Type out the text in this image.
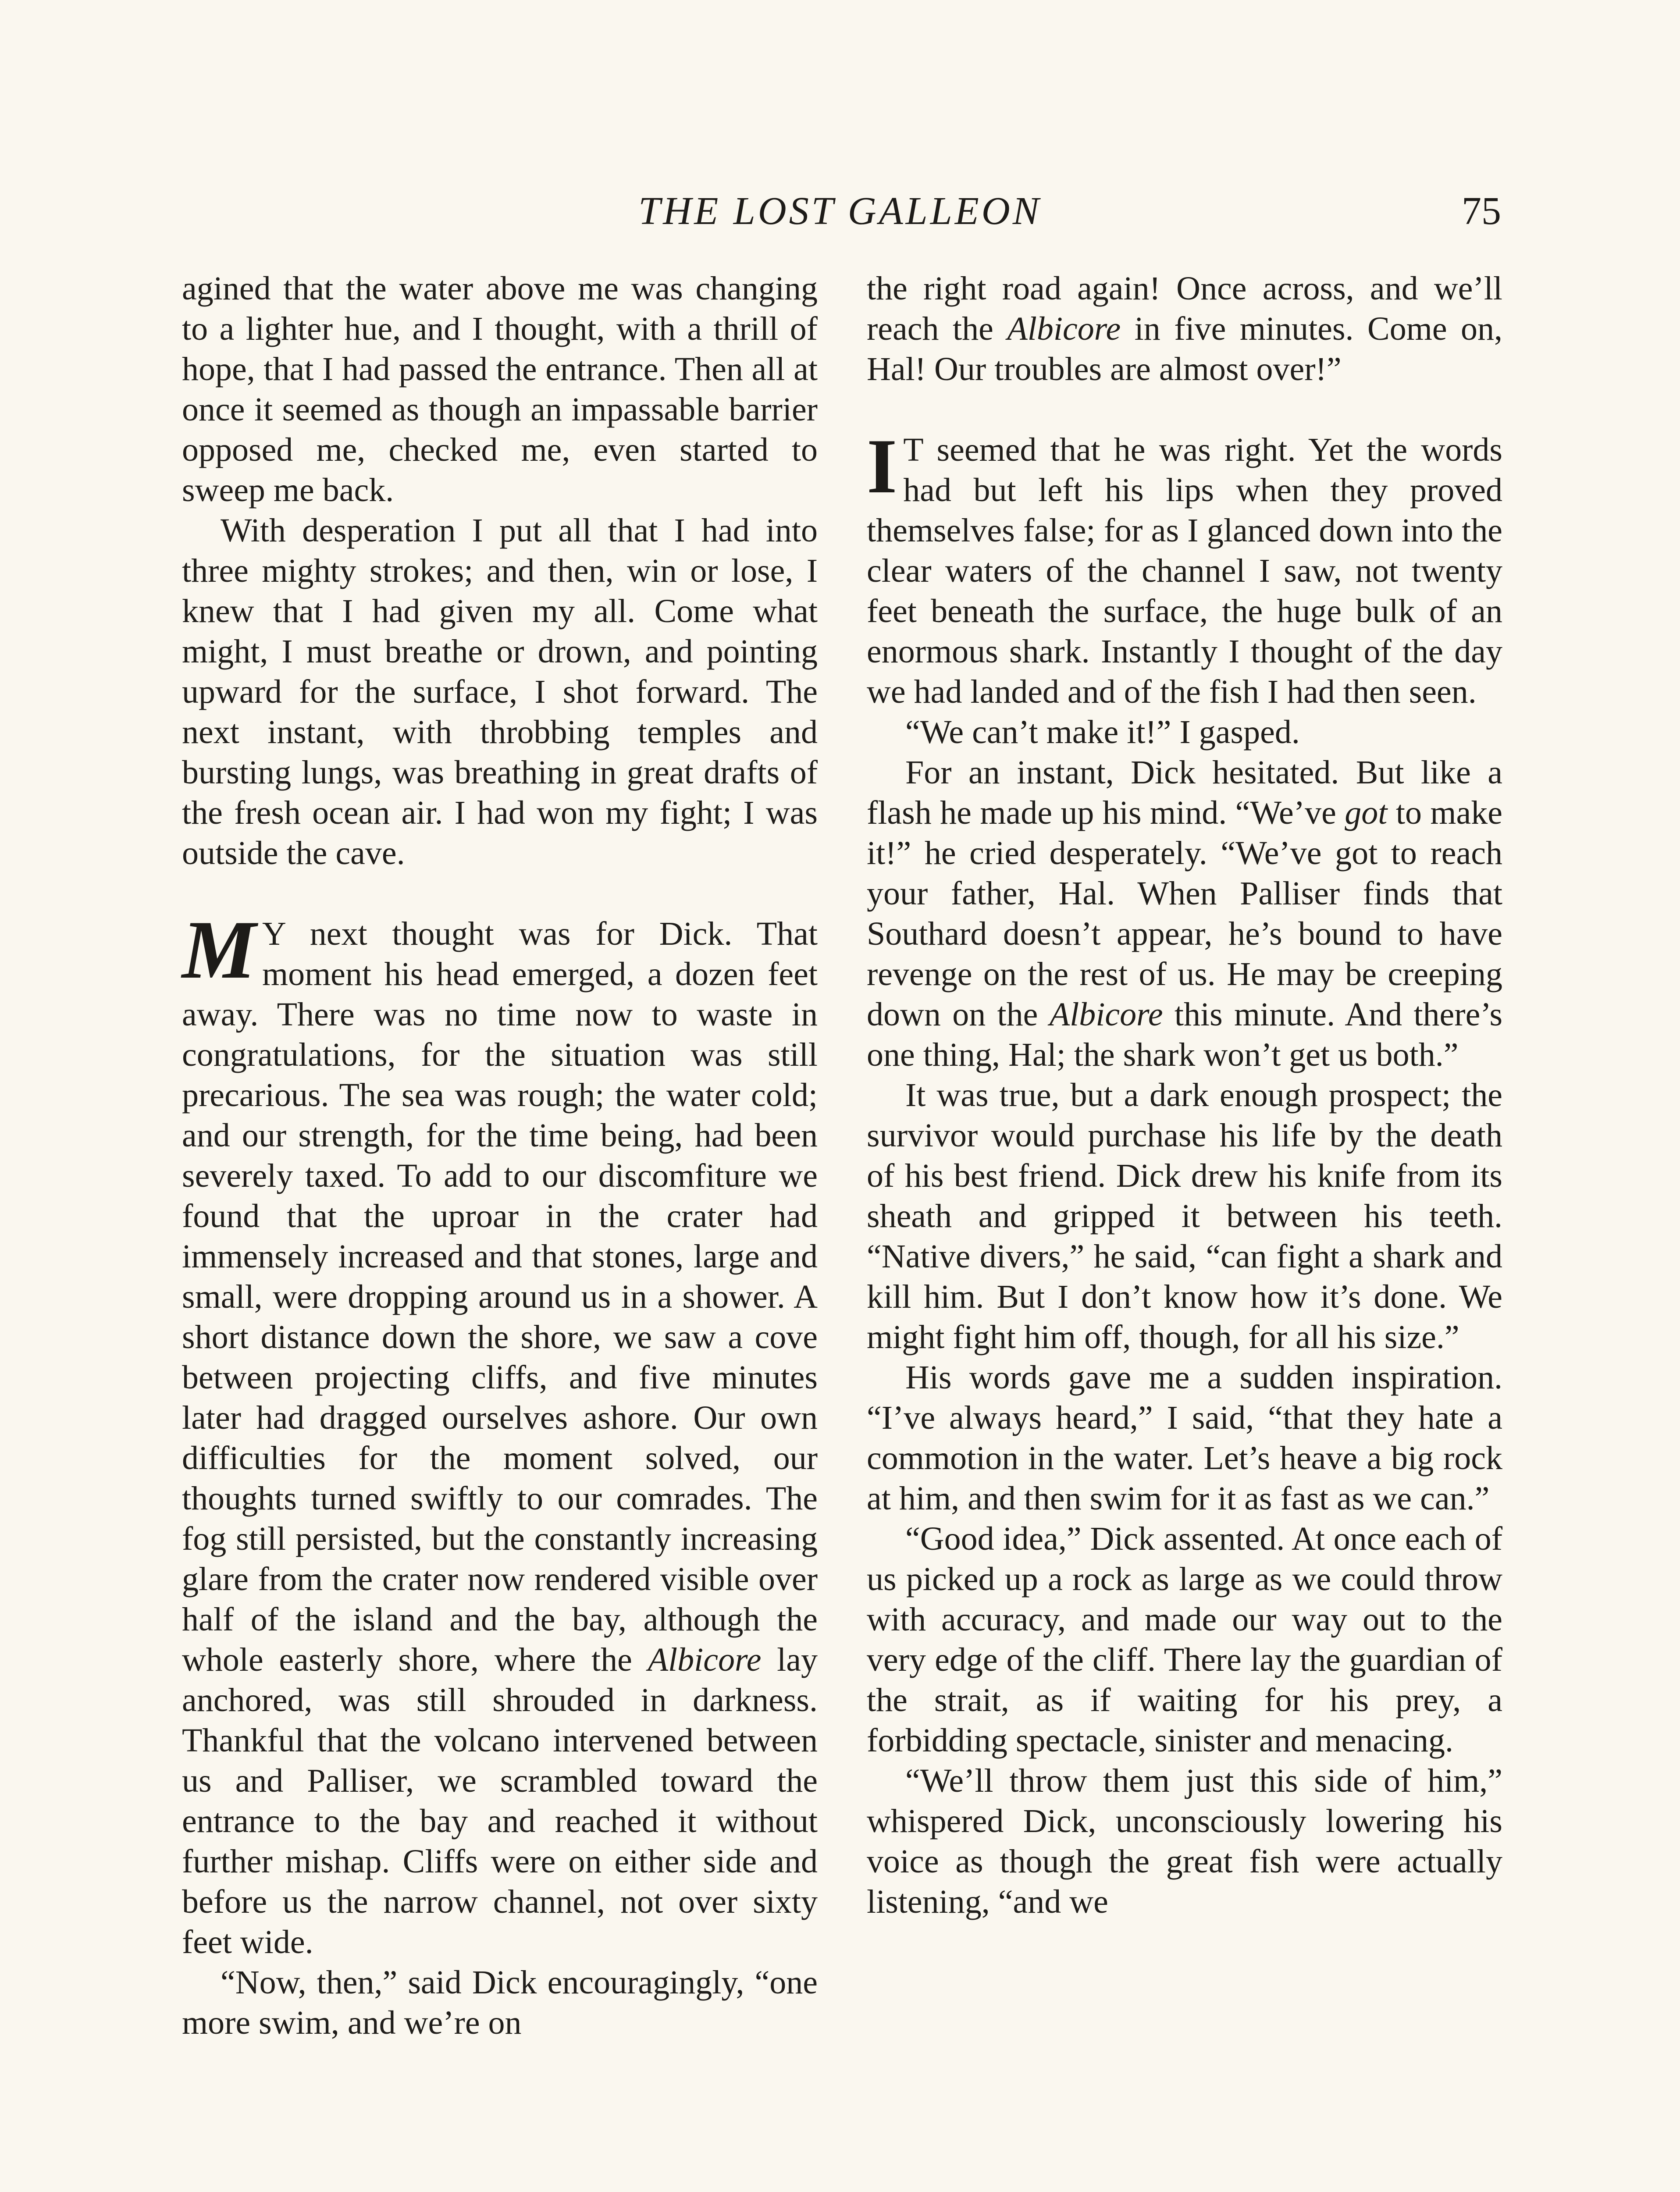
THE LOST GALLEON	75

agined that the water above me was changing to a lighter hue, and I thought, with a thrill of hope, that I had passed the entrance. Then all at once it seemed as though an impassable barrier opposed me, checked me, even started to sweep me back.

With desperation I put all that I had into three mighty strokes; and then, win or lose, I knew that I had given my all. Come what might, I must breathe or drown, and pointing upward for the surface, I shot forward. The next instant, with throbbing temples and bursting lungs, was breathing in great drafts of the fresh ocean air. I had won my fight; I was outside the cave.

M Y next thought was for Dick. That moment his head emerged, a dozen feet away. There was no time now to waste in congratulations, for the situation was still precarious. The sea was rough; the water cold; and our strength, for the time being, had been severely taxed. To add to our discomfiture we found that the uproar in the crater had immensely increased and that stones, large and small, were dropping around us in a shower. A short distance down the shore, we saw a cove between projecting cliffs, and five minutes later had dragged ourselves ashore. Our own difficulties for the moment solved, our thoughts turned swiftly to our comrades. The fog still persisted, but the constantly increasing glare from the crater now rendered visible over half of the island and the bay, although the whole easterly shore, where the Albicore lay anchored, was still shrouded in darkness. Thankful that the volcano intervened between us and Palliser, we scrambled toward the entrance to the bay and reached it without further mishap. Cliffs were on either side and before us the narrow channel, not over sixty feet wide.

“Now, then,” said Dick encouragingly, “one more swim, and we’re on

the right road again! Once across, and we’ll reach the Albicore in five minutes. Come on, Hal! Our troubles are almost over!”

I T seemed that he was right. Yet the words had but left his lips when they proved themselves false; for as I glanced down into the clear waters of the channel I saw, not twenty feet beneath the surface, the huge bulk of an enormous shark. Instantly I thought of the day we had landed and of the fish I had then seen.

“We can’t make it!” I gasped.

For an instant, Dick hesitated. But like a flash he made up his mind. “We’ve got to make it!” he cried desperately. “We’ve got to reach your father, Hal. When Palliser finds that Southard doesn’t appear, he’s bound to have revenge on the rest of us. He may be creeping down on the Albicore this minute. And there’s one thing, Hal; the shark won’t get us both.”

It was true, but a dark enough prospect; the survivor would purchase his life by the death of his best friend. Dick drew his knife from its sheath and gripped it between his teeth. “Native divers,” he said, “can fight a shark and kill him. But I don’t know how it’s done. We might fight him off, though, for all his size.”

His words gave me a sudden inspiration. “I’ve always heard,” I said, “that they hate a commotion in the water. Let’s heave a big rock at him, and then swim for it as fast as we can.”

“Good idea,” Dick assented. At once each of us picked up a rock as large as we could throw with accuracy, and made our way out to the very edge of the cliff. There lay the guardian of the strait, as if waiting for his prey, a forbidding spectacle, sinister and menacing.

“We’ll throw them just this side of him,” whispered Dick, unconsciously lowering his voice as though the great fish were actually listening, “and we
